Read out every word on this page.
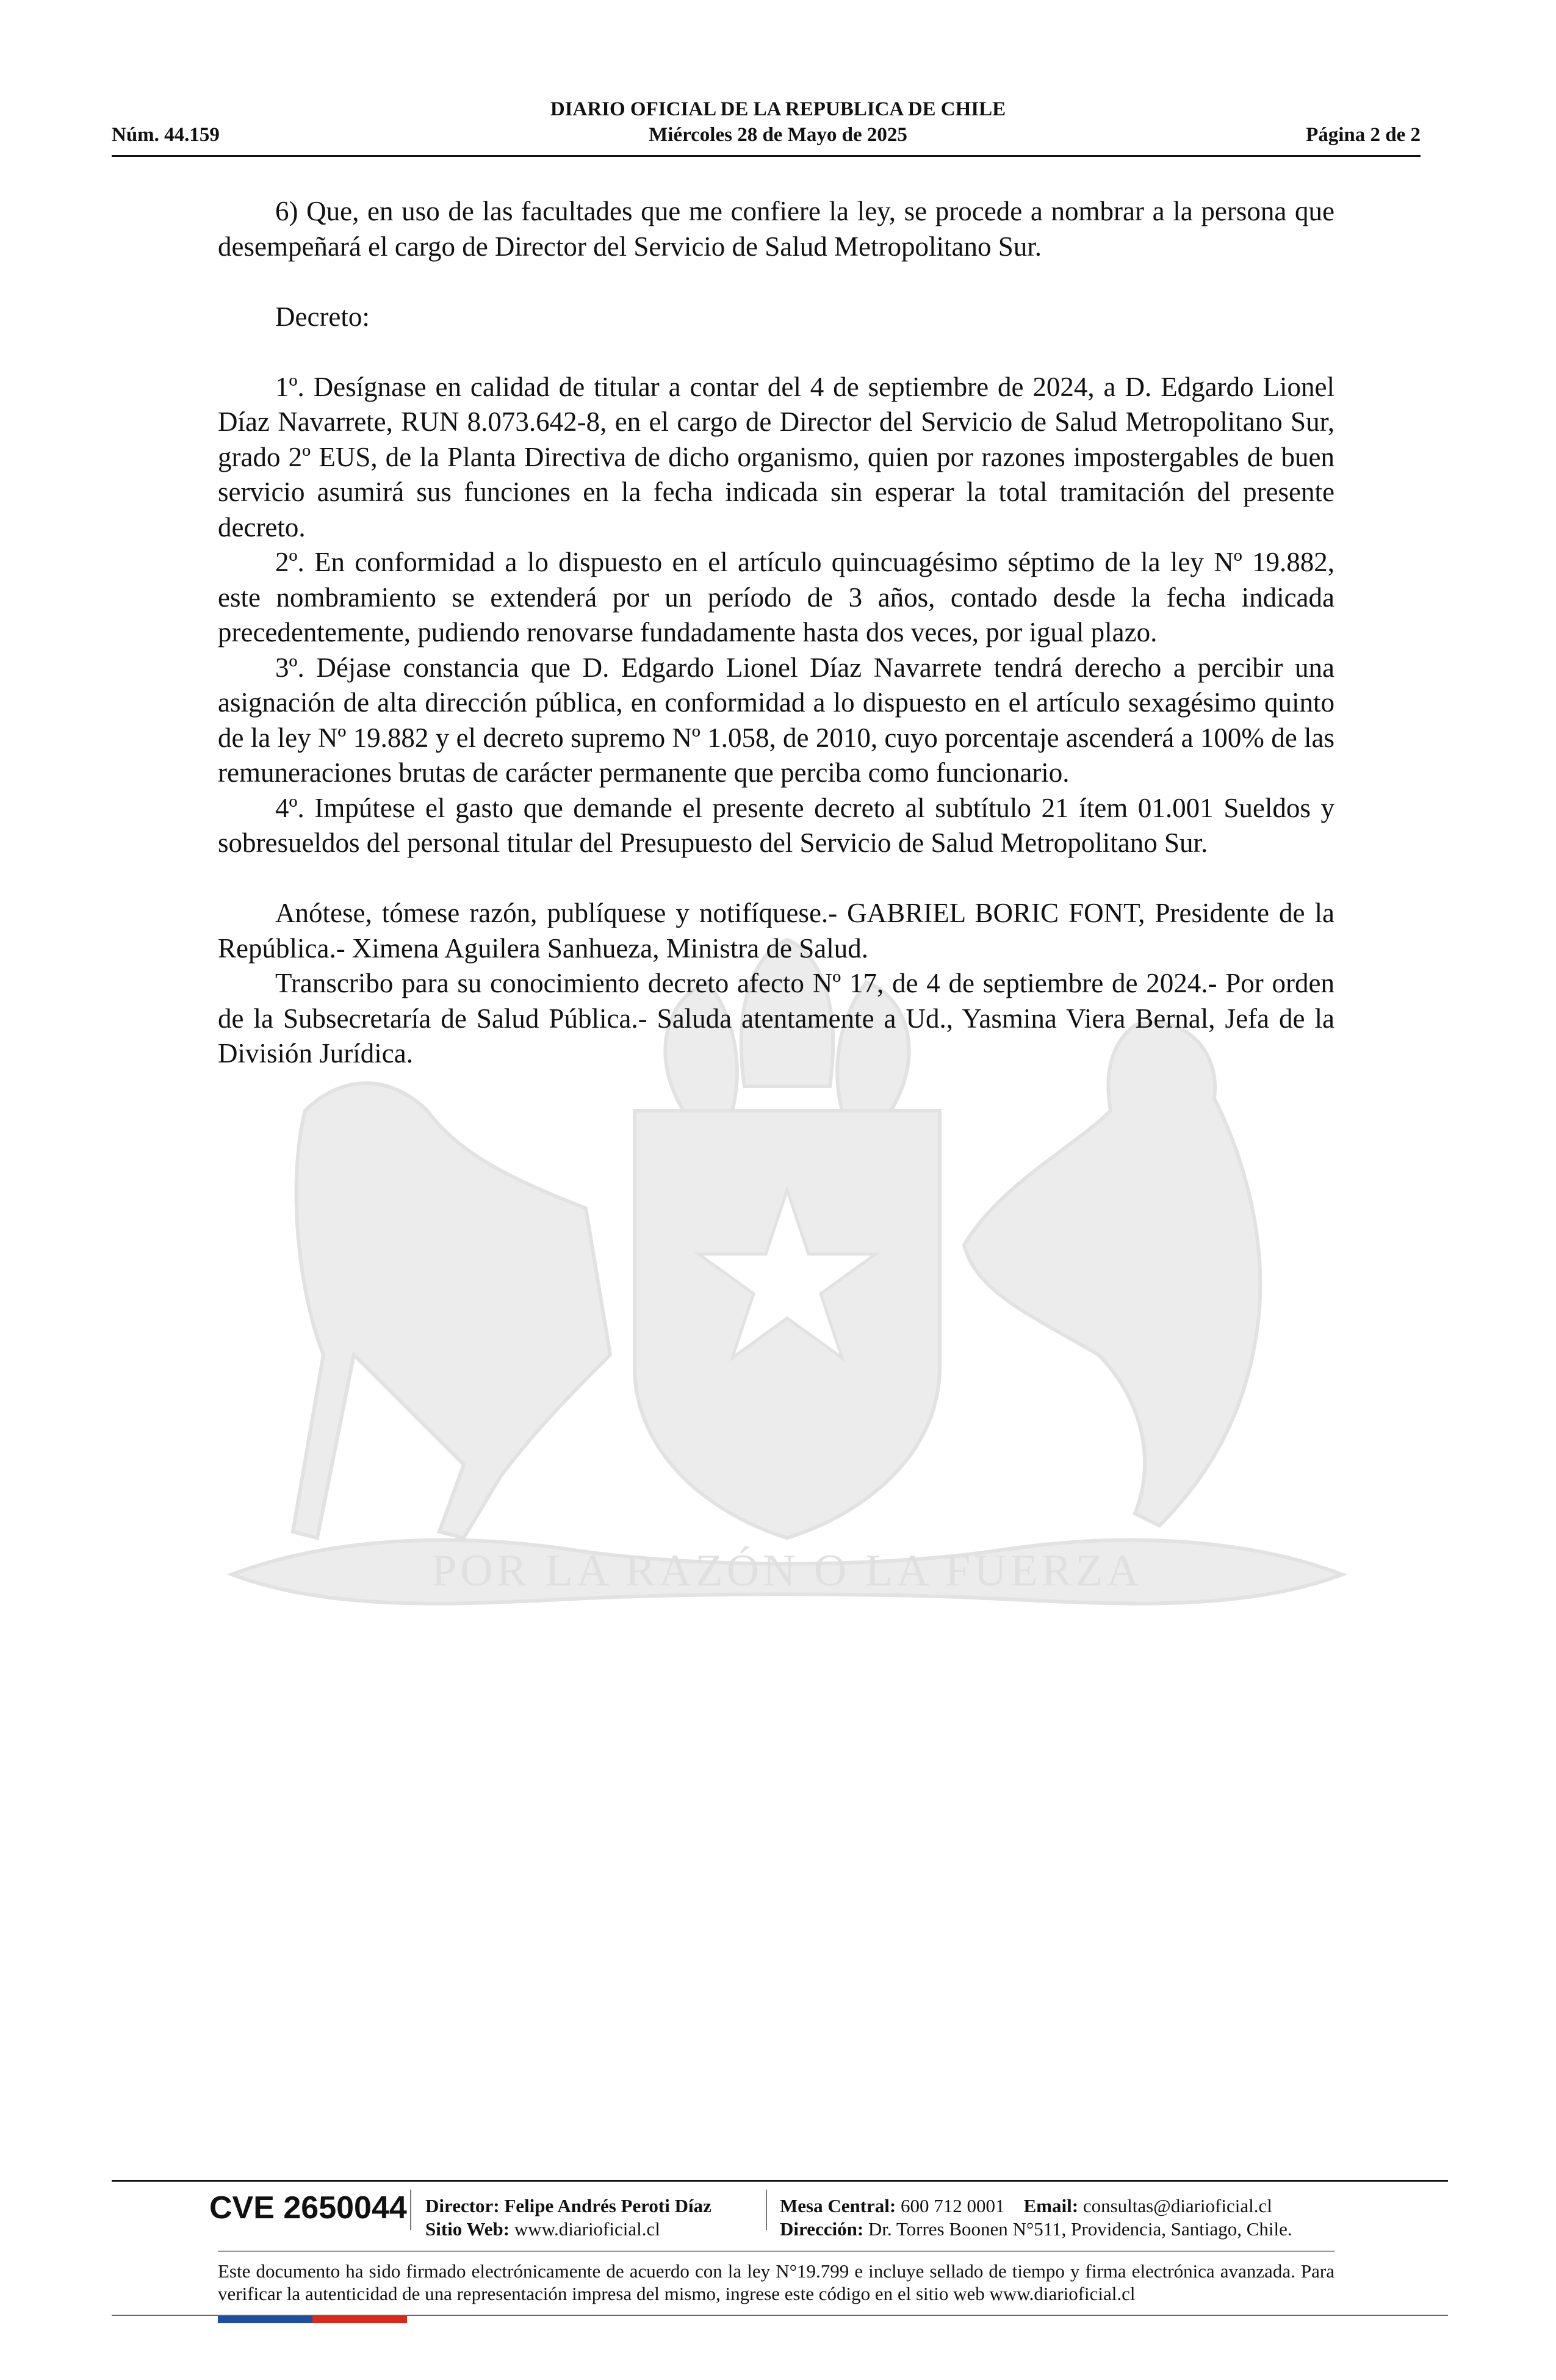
DIARIO OFICIAL DE LA REPUBLICA DE CHILE
Núm. 44.159	Miércoles 28 de Mayo de 2025	Página 2 de 2
POR LA RAZÓN O LA FUERZA

6) Que, en uso de las facultades que me confiere la ley, se procede a nombrar a la persona que desempeñará el cargo de Director del Servicio de Salud Metropolitano Sur.

Decreto:

1º. Desígnase en calidad de titular a contar del 4 de septiembre de 2024, a D. Edgardo Lionel Díaz Navarrete, RUN 8.073.642-8, en el cargo de Director del Servicio de Salud Metropolitano Sur, grado 2º EUS, de la Planta Directiva de dicho organismo, quien por razones impostergables de buen servicio asumirá sus funciones en la fecha indicada sin esperar la total tramitación del presente decreto.

2º. En conformidad a lo dispuesto en el artículo quincuagésimo séptimo de la ley Nº 19.882, este nombramiento se extenderá por un período de 3 años, contado desde la fecha indicada precedentemente, pudiendo renovarse fundadamente hasta dos veces, por igual plazo.

3º. Déjase constancia que D. Edgardo Lionel Díaz Navarrete tendrá derecho a percibir una asignación de alta dirección pública, en conformidad a lo dispuesto en el artículo sexagésimo quinto de la ley Nº 19.882 y el decreto supremo Nº 1.058, de 2010, cuyo porcentaje ascenderá a 100% de las remuneraciones brutas de carácter permanente que perciba como funcionario.

4º. Impútese el gasto que demande el presente decreto al subtítulo 21 ítem 01.001 Sueldos y sobresueldos del personal titular del Presupuesto del Servicio de Salud Metropolitano Sur.

Anótese, tómese razón, publíquese y notifíquese.- GABRIEL BORIC FONT, Presidente de la República.- Ximena Aguilera Sanhueza, Ministra de Salud.

Transcribo para su conocimiento decreto afecto Nº 17, de 4 de septiembre de 2024.- Por orden de la Subsecretaría de Salud Pública.- Saluda atentamente a Ud., Yasmina Viera Bernal, Jefa de la División Jurídica.

CVE 2650044 Director: Felipe Andrés Peroti Díaz
Sitio Web: www.diarioficial.cl
Mesa Central: 600 712 0001 Email: consultas@diarioficial.cl
Dirección: Dr. Torres Boonen N°511, Providencia, Santiago, Chile.
Este documento ha sido firmado electrónicamente de acuerdo con la ley N°19.799 e incluye sellado de tiempo y firma electrónica avanzada. Para verificar la autenticidad de una representación impresa del mismo, ingrese este código en el sitio web www.diarioficial.cl
